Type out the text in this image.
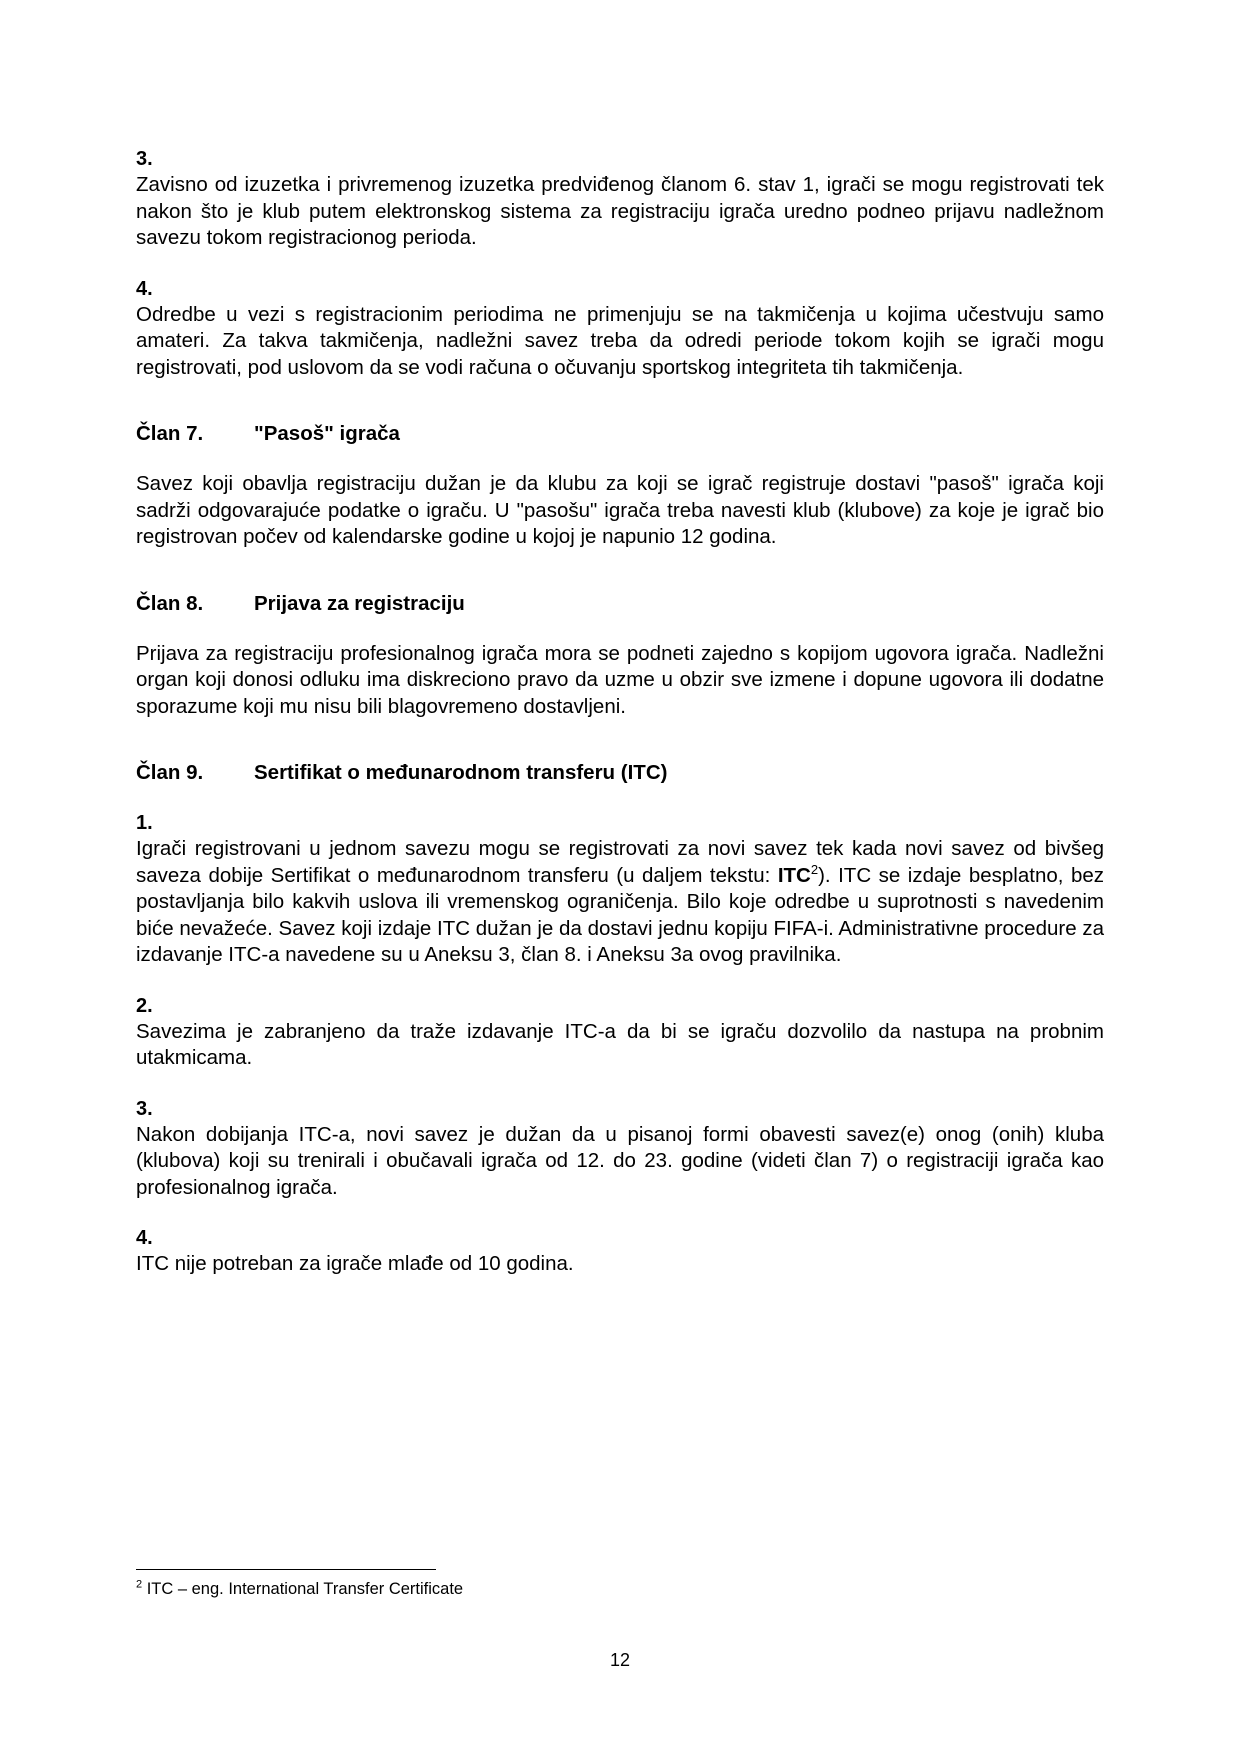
3.

Zavisno od izuzetka i privremenog izuzetka predviđenog članom 6. stav 1, igrači se mogu registrovati tek nakon što je klub putem elektronskog sistema za registraciju igrača uredno podneo prijavu nadležnom savezu tokom registracionog perioda.

4.

Odredbe u vezi s registracionim periodima ne primenjuju se na takmičenja u kojima učestvuju samo amateri. Za takva takmičenja, nadležni savez treba da odredi periode tokom kojih se igrači mogu registrovati, pod uslovom da se vodi računa o očuvanju sportskog integriteta tih takmičenja.

Član 7.	"Pasoš" igrača

Savez koji obavlja registraciju dužan je da klubu za koji se igrač registruje dostavi "pasoš" igrača koji sadrži odgovarajuće podatke o igraču. U "pasošu" igrača treba navesti klub (klubove) za koje je igrač bio registrovan počev od kalendarske godine u kojoj je napunio 12 godina.

Član 8.	Prijava za registraciju

Prijava za registraciju profesionalnog igrača mora se podneti zajedno s kopijom ugovora igrača. Nadležni organ koji donosi odluku ima diskreciono pravo da uzme u obzir sve izmene i dopune ugovora ili dodatne sporazume koji mu nisu bili blagovremeno dostavljeni.

Član 9.	Sertifikat o međunarodnom transferu (ITC)
1.

Igrači registrovani u jednom savezu mogu se registrovati za novi savez tek kada novi savez od bivšeg saveza dobije Sertifikat o međunarodnom transferu (u daljem tekstu: ITC$^2$). ITC se izdaje besplatno, bez postavljanja bilo kakvih uslova ili vremenskog ograničenja. Bilo koje odredbe u suprotnosti s navedenim biće nevažeće. Savez koji izdaje ITC dužan je da dostavi jednu kopiju FIFA-i. Administrativne procedure za izdavanje ITC-a navedene su u Aneksu 3, član 8. i Aneksu 3a ovog pravilnika.

2.

Savezima je zabranjeno da traže izdavanje ITC-a da bi se igraču dozvolilo da nastupa na probnim utakmicama.

3.

Nakon dobijanja ITC-a, novi savez je dužan da u pisanoj formi obavesti savez(e) onog (onih) kluba (klubova) koji su trenirali i obučavali igrača od 12. do 23. godine (videti član 7) o registraciji igrača kao profesionalnog igrača.

4.

ITC nije potreban za igrače mlađe od 10 godina.

$^2$ ITC – eng. International Transfer Certificate
12
